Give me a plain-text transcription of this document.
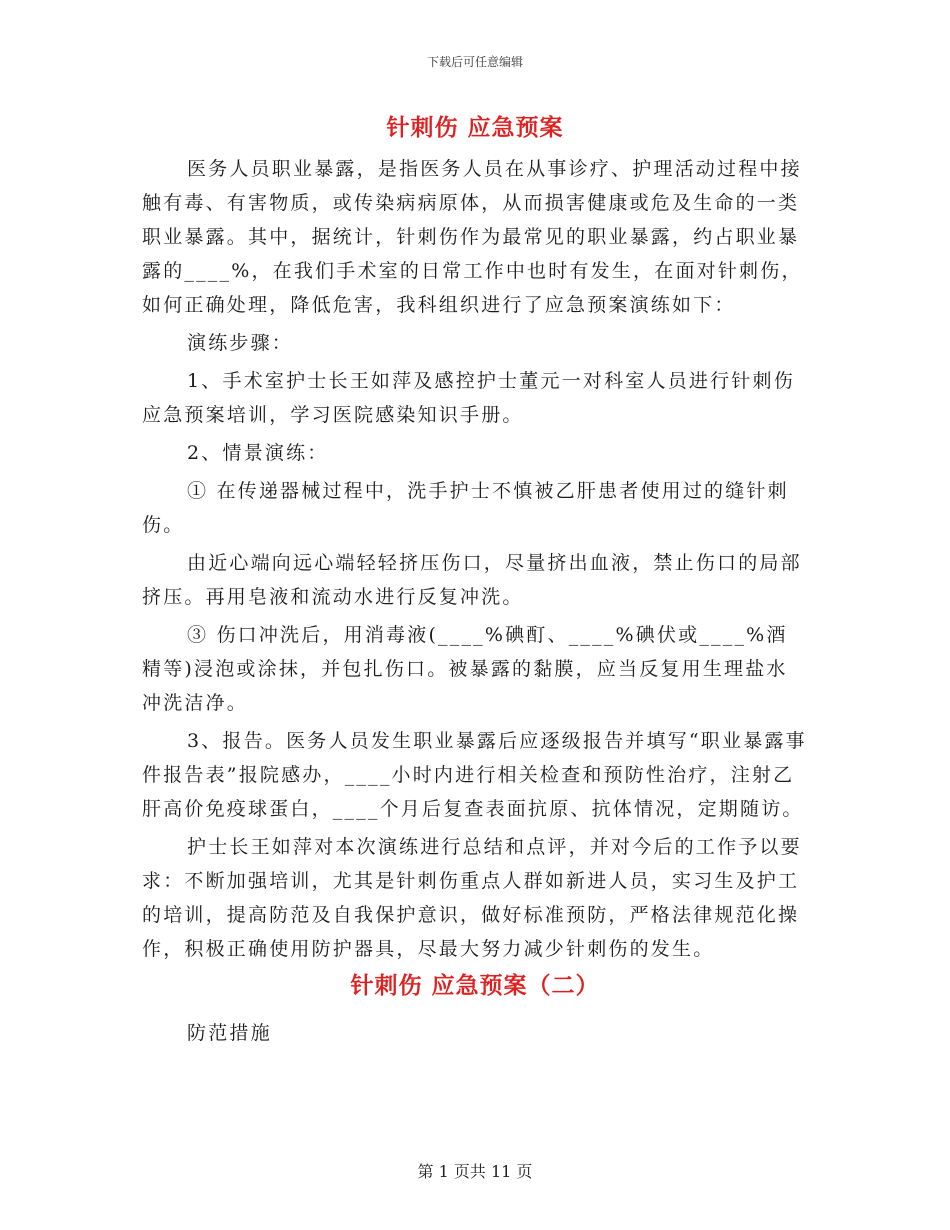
下载后可任意编辑
针刺伤 应急预案

医务人员职业暴露，是指医务人员在从事诊疗、护理活动过程中接触有毒、有害物质，或传染病病原体，从而损害健康或危及生命的一类职业暴露。其中，据统计，针刺伤作为最常见的职业暴露，约占职业暴露的____%，在我们手术室的日常工作中也时有发生，在面对针刺伤，如何正确处理，降低危害，我科组织进行了应急预案演练如下：

演练步骤：

1、手术室护士长王如萍及感控护士董元一对科室人员进行针刺伤应急预案培训，学习医院感染知识手册。

2、情景演练：

① 在传递器械过程中，洗手护士不慎被乙肝患者使用过的缝针刺伤。

由近心端向远心端轻轻挤压伤口，尽量挤出血液，禁止伤口的局部挤压。再用皂液和流动水进行反复冲洗。

③ 伤口冲洗后，用消毒液(____%碘酊、____%碘伏或____%酒精等)浸泡或涂抹，并包扎伤口。被暴露的黏膜，应当反复用生理盐水冲洗洁净。

3、报告。医务人员发生职业暴露后应逐级报告并填写“职业暴露事件报告表”报院感办，____小时内进行相关检查和预防性治疗，注射乙肝高价免疫球蛋白，____个月后复查表面抗原、抗体情况，定期随访。

护士长王如萍对本次演练进行总结和点评，并对今后的工作予以要求：不断加强培训，尤其是针刺伤重点人群如新进人员，实习生及护工的培训，提高防范及自我保护意识，做好标准预防，严格法律规范化操作，积极正确使用防护器具，尽最大努力减少针刺伤的发生。

针刺伤 应急预案（二）

防范措施

第 1 页共 11 页
